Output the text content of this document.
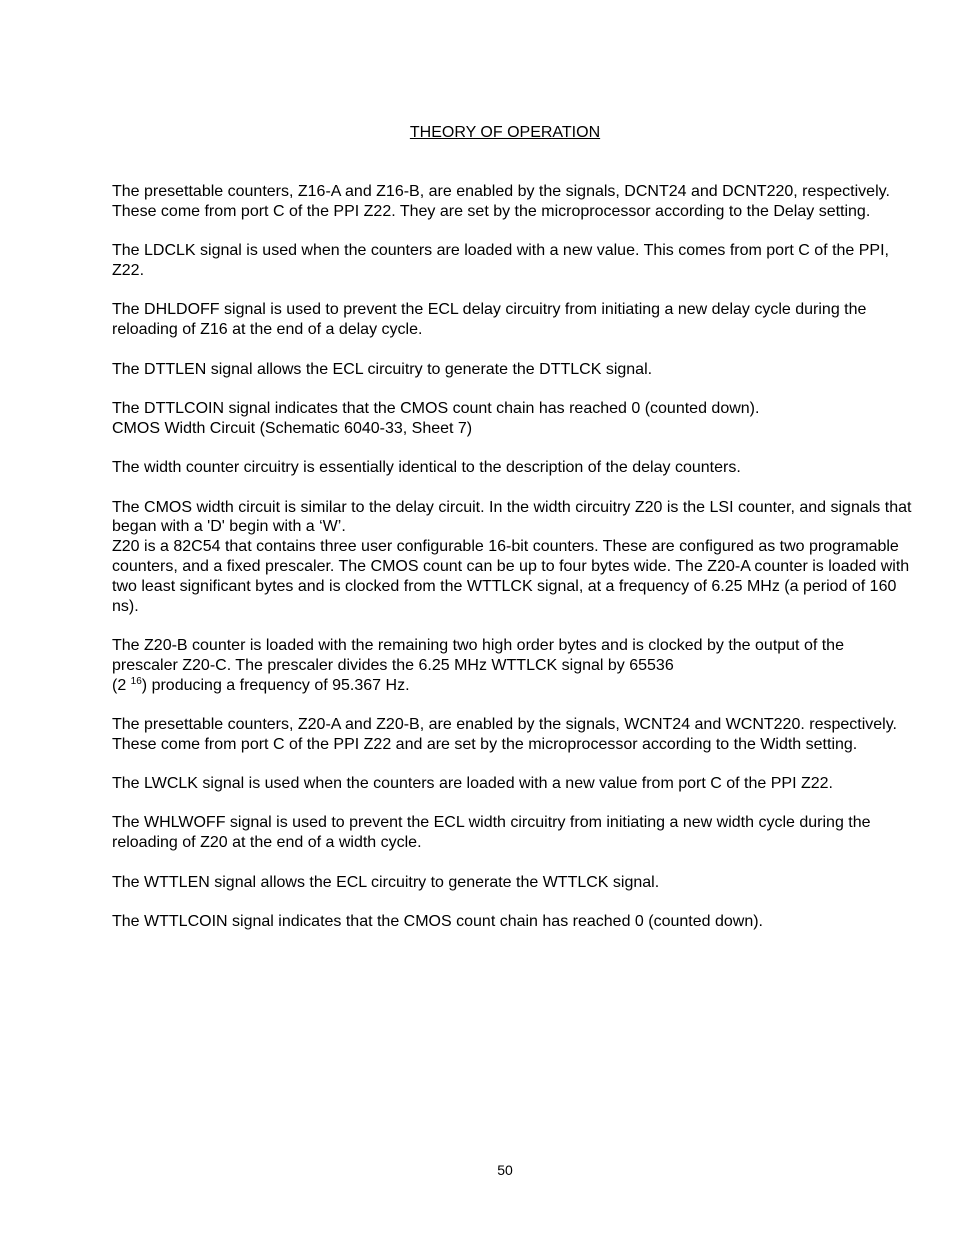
THEORY OF OPERATION

The presettable counters, Z16-A and Z16-B, are enabled by the signals, DCNT24 and DCNT220, respectively. These come from port C of the PPI Z22. They are set by the microprocessor according to the Delay setting.

The LDCLK signal is used when the counters are loaded with a new value. This comes from port C of the PPI, Z22.

The DHLDOFF signal is used to prevent the ECL delay circuitry from initiating a new delay cycle during the reloading of Z16 at the end of a delay cycle.

The DTTLEN signal allows the ECL circuitry to generate the DTTLCK signal.

The DTTLCOIN signal indicates that the CMOS count chain has reached 0 (counted down).

CMOS Width Circuit (Schematic 6040-33, Sheet 7)

The width counter circuitry is essentially identical to the description of the delay counters.

The CMOS width circuit is similar to the delay circuit. In the width circuitry Z20 is the LSI counter, and signals that began with a 'D' begin with a ‘W’.

Z20 is a 82C54 that contains three user configurable 16-bit counters. These are configured as two programable counters, and a fixed prescaler. The CMOS count can be up to four bytes wide. The Z20-A counter is loaded with two least significant bytes and is clocked from the WTTLCK signal, at a frequency of 6.25 MHz (a period of 160 ns).

The Z20-B counter is loaded with the remaining two high order bytes and is clocked by the output of the prescaler Z20-C. The prescaler divides the 6.25 MHz WTTLCK signal by 65536

(2 $^{16}$) producing a frequency of 95.367 Hz.

The presettable counters, Z20-A and Z20-B, are enabled by the signals, WCNT24 and WCNT220. respectively. These come from port C of the PPI Z22 and are set by the microprocessor according to the Width setting.

The LWCLK signal is used when the counters are loaded with a new value from port C of the PPI Z22.

The WHLWOFF signal is used to prevent the ECL width circuitry from initiating a new width cycle during the reloading of Z20 at the end of a width cycle.

The WTTLEN signal allows the ECL circuitry to generate the WTTLCK signal.

The WTTLCOIN signal indicates that the CMOS count chain has reached 0 (counted down).

50
